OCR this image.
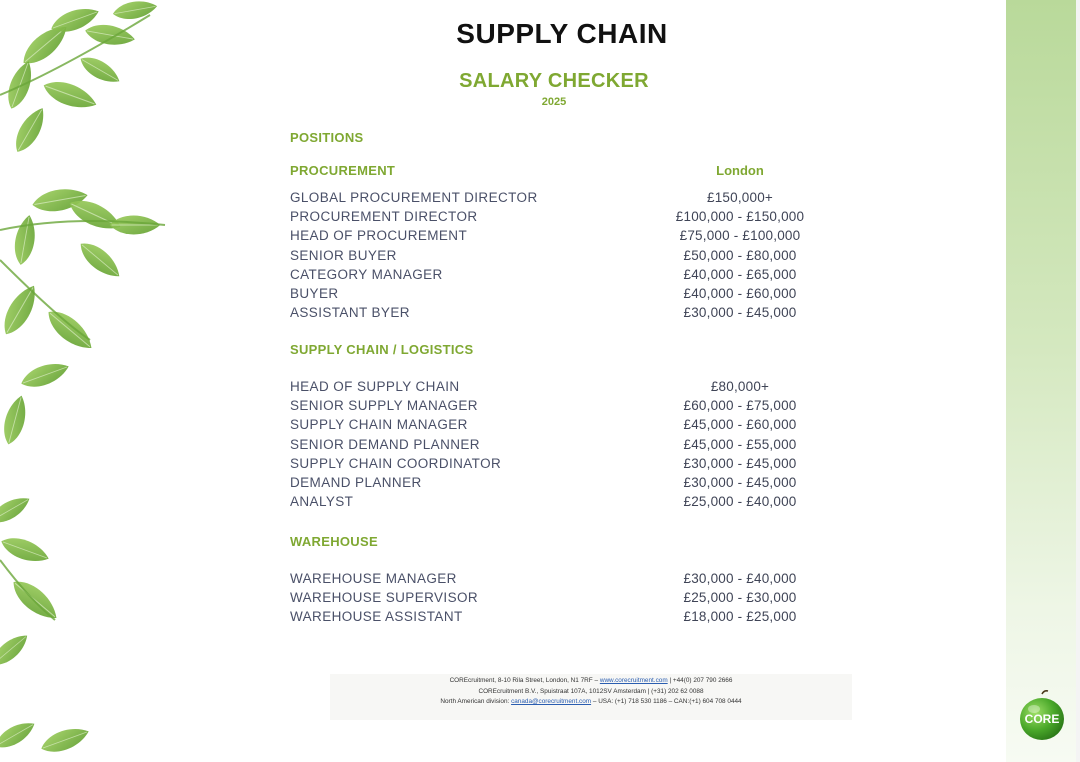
CORE
SUPPLY CHAIN
SALARY CHECKER
2025
POSITIONS
PROCUREMENT	London
GLOBAL PROCUREMENT DIRECTOR	£150,000+
PROCUREMENT DIRECTOR	£100,000 - £150,000
HEAD OF PROCUREMENT	£75,000 - £100,000
SENIOR BUYER	£50,000 - £80,000
CATEGORY MANAGER	£40,000 - £65,000
BUYER	£40,000 - £60,000
ASSISTANT BYER	£30,000 - £45,000
SUPPLY CHAIN / LOGISTICS
HEAD OF SUPPLY CHAIN	£80,000+
SENIOR SUPPLY MANAGER	£60,000 - £75,000
SUPPLY CHAIN MANAGER	£45,000 - £60,000
SENIOR DEMAND PLANNER	£45,000 - £55,000
SUPPLY CHAIN COORDINATOR	£30,000 - £45,000
DEMAND PLANNER	£30,000 - £45,000
ANALYST	£25,000 - £40,000
WAREHOUSE
WAREHOUSE MANAGER	£30,000 - £40,000
WAREHOUSE SUPERVISOR	£25,000 - £30,000
WAREHOUSE ASSISTANT	£18,000 - £25,000
COREcruitment, 8-10 Rila Street, London, N1 7RF – www.corecruitment.com | +44(0) 207 790 2666
COREcruitment B.V., Spuistraat 107A, 1012SV Amsterdam | (+31) 202 62 0088
North American division: canada@corecruitment.com – USA: (+1) 718 530 1186 – CAN:(+1) 604 708 0444
